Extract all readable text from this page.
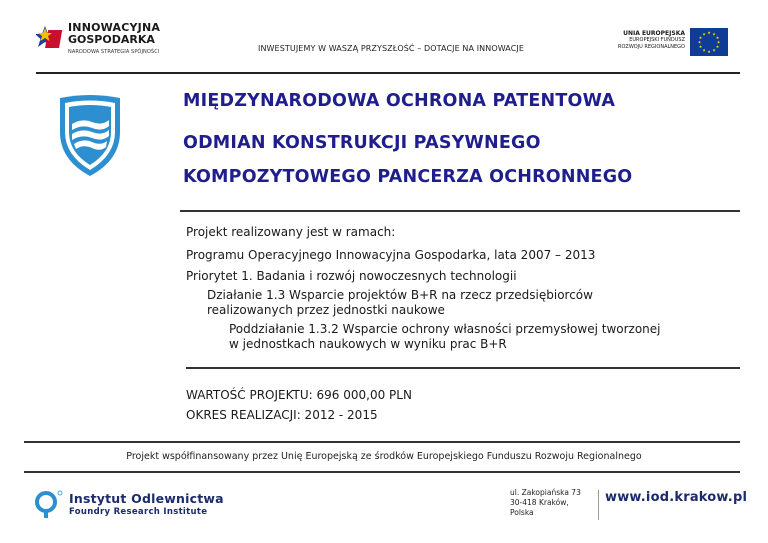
INNOWACYJNA
GOSPODARKA
NARODOWA STRATEGIA SPÓJNOŚCI	INWESTUJEMY W WASZĄ PRZYSZŁOŚĆ – DOTACJE NA INNOWACJE
UNIA EUROPEJSKA
EUROPEJSKI FUNDUSZ
ROZWOJU REGIONALNEGO
★ ★
★
★
★
★
★
★
★
★
★
★
MIĘDZYNARODOWA OCHRONA PATENTOWA
ODMIAN KONSTRUKCJI PASYWNEGO
KOMPOZYTOWEGO PANCERZA OCHRONNEGO
Projekt realizowany jest w ramach:
Programu Operacyjnego Innowacyjna Gospodarka, lata 2007 – 2013
Priorytet 1. Badania i rozwój nowoczesnych technologii
Działanie 1.3 Wsparcie projektów B+R na rzecz przedsiębiorców
realizowanych przez jednostki naukowe
Poddziałanie 1.3.2 Wsparcie ochrony własności przemysłowej tworzonej
w jednostkach naukowych w wyniku prac B+R
WARTOŚĆ PROJEKTU: 696 000,00 PLN
OKRES REALIZACJI: 2012 - 2015
Projekt współfinansowany przez Unię Europejską ze środków Europejskiego Funduszu Rozwoju Regionalnego
Instytut Odlewnictwa
Foundry Research Institute
ul. Zakopiańska 73
30-418 Kraków,
Polska
www.iod.krakow.pl
